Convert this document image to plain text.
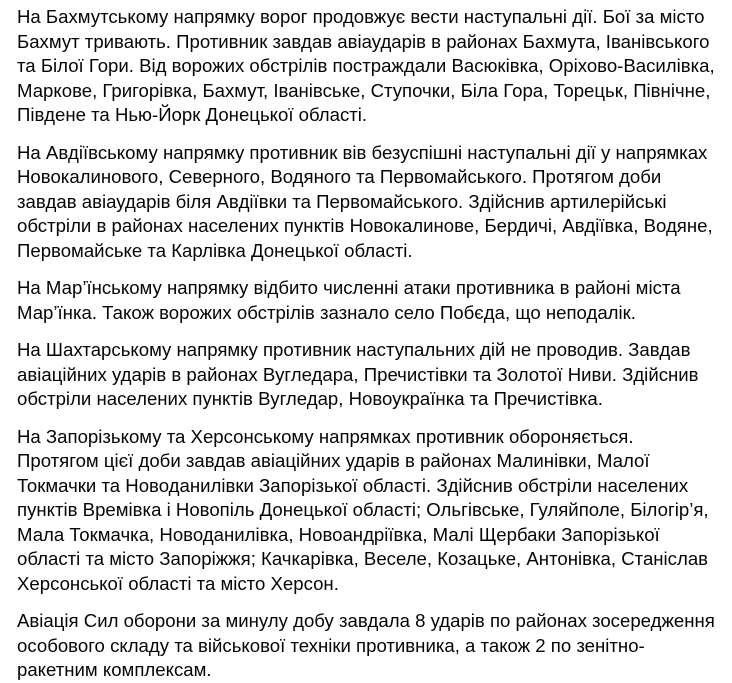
На Бахмутському напрямку ворог продовжує вести наступальні дії. Бої за місто Бахмут тривають. Противник завдав авіаударів в районах Бахмута, Іванівського та Білої Гори. Від ворожих обстрілів постраждали Васюківка, Оріхово-Василівка, Маркове, Григорівка, Бахмут, Іванівське, Ступочки, Біла Гора, Торецьк, Північне, Південе та Нью-Йорк Донецької області.

На Авдіївському напрямку противник вів безуспішні наступальні дії у напрямках Новокалинового, Северного, Водяного та Первомайського. Протягом доби завдав авіаударів біля Авдіївки та Первомайського. Здійснив артилерійські обстріли в районах населених пунктів Новокалинове, Бердичі, Авдіївка, Водяне, Первомайське та Карлівка Донецької області.

На Мар’їнському напрямку відбито численні атаки противника в районі міста Мар’їнка. Також ворожих обстрілів зазнало село Побєда, що неподалік.

На Шахтарському напрямку противник наступальних дій не проводив. Завдав авіаційних ударів в районах Вугледара, Пречистівки та Золотої Ниви. Здійснив обстріли населених пунктів Вугледар, Новоукраїнка та Пречистівка.

На Запорізькому та Херсонському напрямках противник обороняється. Протягом цієї доби завдав авіаційних ударів в районах Малинівки, Малої Токмачки та Новоданилівки Запорізької області. Здійснив обстріли населених пунктів Времівка і Новопіль Донецької області; Ольгівське, Гуляйполе, Білогір’я, Мала Токмачка, Новоданилівка, Новоандріївка, Малі Щербаки Запорізької області та місто Запоріжжя; Качкарівка, Веселе, Козацьке, Антонівка, Станіслав Херсонської області та місто Херсон.

Авіація Сил оборони за минулу добу завдала 8 ударів по районах зосередження особового складу та військової техніки противника, а також 2 по зенітно-ракетним комплексам.
